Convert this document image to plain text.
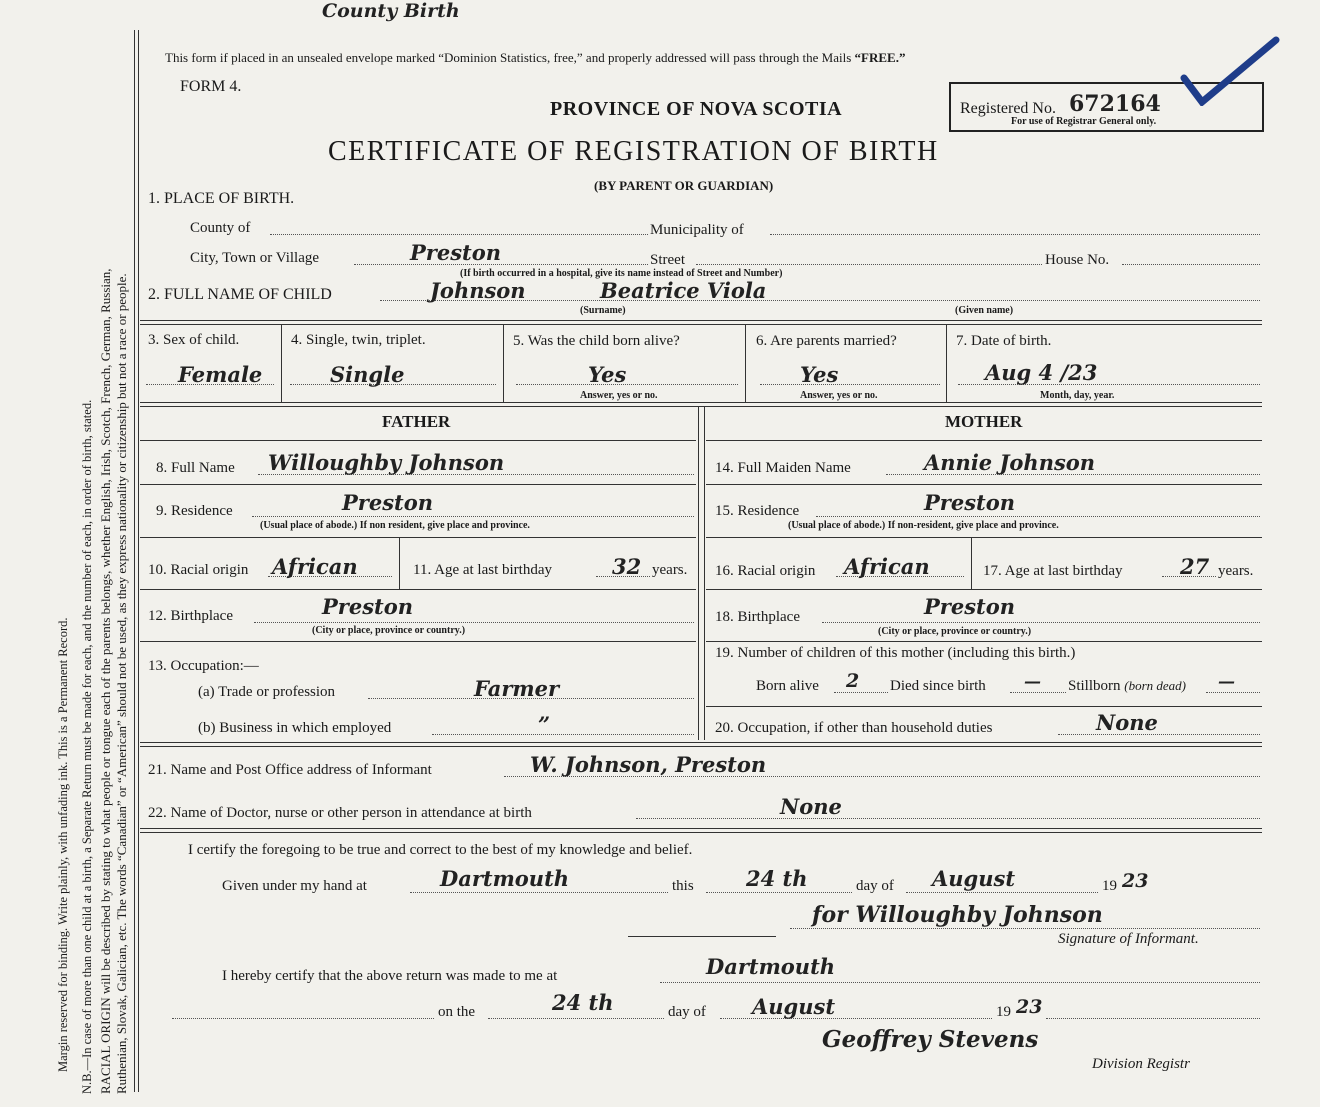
Margin reserved for binding. Write plainly, with unfading ink. This is a Permanent Record. N.B.—In case of more than one child at a birth, a Separate Return must be made for each, and the number of each, in order of birth, stated. RACIAL ORIGIN will be described by stating to what people or tongue each of the parents belongs, whether English, Irish, Scotch, French, German, Russian, Ruthenian, Slovak, Galician, etc. The words “Canadian” or “American” should not be used, as they express nationality or citizenship but not a race or people.
County Birth
This form if placed in an unsealed envelope marked “Dominion Statistics, free,” and properly addressed will pass through the Mails “FREE.”
FORM 4.
PROVINCE OF NOVA SCOTIA	Registered No. 672164
For use of Registrar General only.
CERTIFICATE OF REGISTRATION OF BIRTH
(BY PARENT OR GUARDIAN)
1. PLACE OF BIRTH.
County of	Municipality of
City, Town or Village	Preston	Street	House No.
(If birth occurred in a hospital, give its name instead of Street and Number)
2. FULL NAME OF CHILD	Johnson	Beatrice Viola
(Surname)	(Given name)
3. Sex of child.
Female
4. Single, twin, triplet.
Single
5. Was the child born alive?
Yes
Answer, yes or no.
6. Are parents married?
Yes
Answer, yes or no.
7. Date of birth.
Aug 4 /23
Month, day, year.
FATHER	MOTHER
8. Full Name Willoughby Johnson
9. Residence	Preston
(Usual place of abode.) If non resident, give place and province.
10. Racial origin African	11. Age at last birthday	32 years.
12. Birthplace	Preston
(City or place, province or country.)
13. Occupation:—
(a) Trade or profession	Farmer
(b) Business in which employed	”
14. Full Maiden Name	Annie Johnson
15. Residence	Preston
(Usual place of abode.) If non-resident, give place and province.
16. Racial origin African	17. Age at last birthday	27 years.
18. Birthplace	Preston
(City or place, province or country.)
19. Number of children of this mother (including this birth.)
Born alive 2 Died since birth — Stillborn (born dead) —
20. Occupation, if other than household duties	None
21. Name and Post Office address of Informant	W. Johnson, Preston
22. Name of Doctor, nurse or other person in attendance at birth	None
I certify the foregoing to be true and correct to the best of my knowledge and belief.
Given under my hand at	Dartmouth	this 24 th	day of August	19 23
for Willoughby Johnson
Signature of Informant.
I hereby certify that the above return was made to me at	Dartmouth
on the	24 th	day of August	19 23
Geoffrey Stevens
Division Registr
